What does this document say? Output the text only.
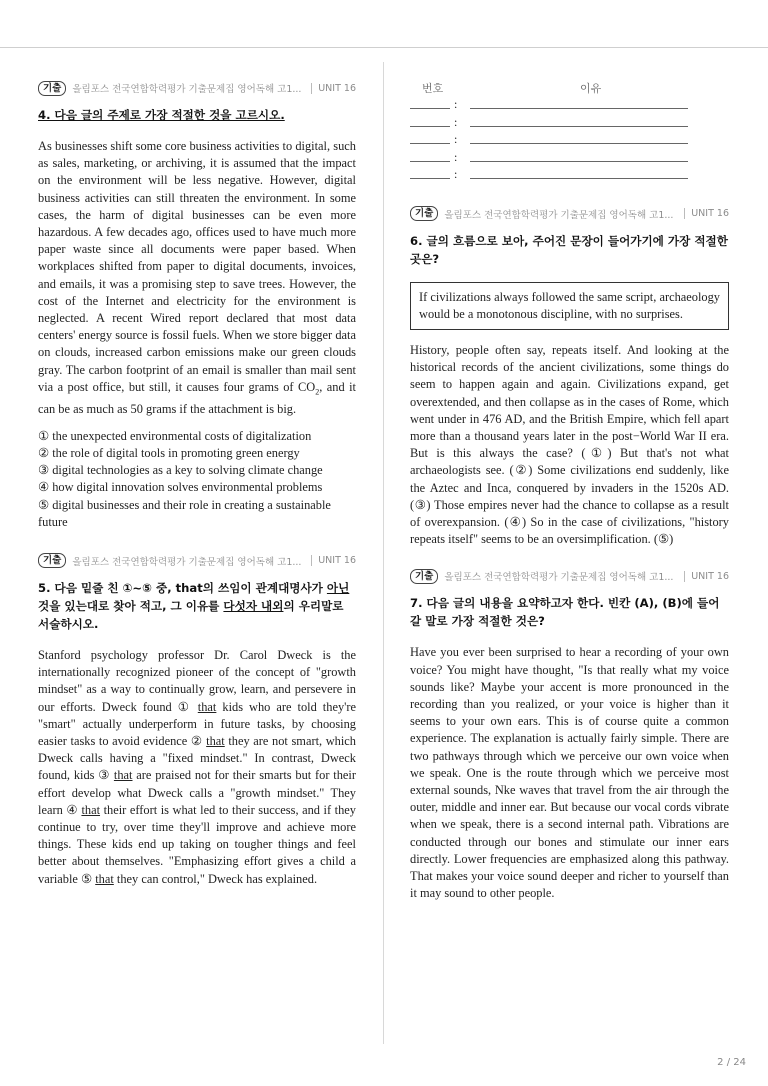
기출	올림포스 전국연합학력평가 기출문제집 영어독해 고1...	UNIT 16
4. 다음 글의 주제로 가장 적절한 것을 고르시오.

As businesses shift some core business activities to digital, such as sales, marketing, or archiving, it is assumed that the impact on the environment will be less negative. However, digital business activities can still threaten the environment. In some cases, the harm of digital businesses can be even more hazardous. A few decades ago, offices used to have much more paper waste since all documents were paper based. When workplaces shifted from paper to digital documents, invoices, and emails, it was a promising step to save trees. However, the cost of the Internet and electricity for the environment is neglected. A recent Wired report declared that most data centers' energy source is fossil fuels. When we store bigger data on clouds, increased carbon emissions make our green clouds gray. The carbon footprint of an email is smaller than mail sent via a post office, but still, it causes four grams of $CO_2$, and it can be as much as 50 grams if the attachment is big.

① the unexpected environmental costs of digitalization
② the role of digital tools in promoting green energy
③ digital technologies as a key to solving climate change
④ how digital innovation solves environmental problems
⑤ digital businesses and their role in creating a sustainable future
기출	올림포스 전국연합학력평가 기출문제집 영어독해 고1...	UNIT 16
5. 다음 밑줄 친 ①~⑤ 중, that의 쓰임이 관계대명사가 아닌 것을 있는대로 찾아 적고, 그 이유를 다섯자 내외의 우리말로 서술하시오.

Stanford psychology professor Dr. Carol Dweck is the internationally recognized pioneer of the concept of "growth mindset" as a way to continually grow, learn, and persevere in our efforts. Dweck found ① that kids who are told they're "smart" actually underperform in future tasks, by choosing easier tasks to avoid evidence ② that they are not smart, which Dweck calls having a "fixed mindset." In contrast, Dweck found, kids ③ that are praised not for their smarts but for their effort develop what Dweck calls a "growth mindset." They learn ④ that their effort is what led to their success, and if they continue to try, over time they'll improve and achieve more things. These kids end up taking on tougher things and feel better about themselves. "Emphasizing effort gives a child a variable ⑤ that they can control," Dweck has explained.

번호	이유
:
:
:
:
:
기출	올림포스 전국연합학력평가 기출문제집 영어독해 고1...	UNIT 16
6. 글의 흐름으로 보아, 주어진 문장이 들어가기에 가장 적절한 곳은?
If civilizations always followed the same script, archaeology would be a monotonous discipline, with no surprises.

History, people often say, repeats itself. And looking at the historical records of the ancient civilizations, some things do seem to happen again and again. Civilizations expand, get overextended, and then collapse as in the cases of Rome, which went under in 476 AD, and the British Empire, which fell apart more than a thousand years later in the post−World War II era. But is this always the case? (①) But that's not what archaeologists see. (②) Some civilizations end suddenly, like the Aztec and Inca, conquered by invaders in the 1520s AD. (③) Those empires never had the chance to collapse as a result of overexpansion. (④) So in the case of civilizations, "history repeats itself" seems to be an oversimplification. (⑤)

기출	올림포스 전국연합학력평가 기출문제집 영어독해 고1...	UNIT 16
7. 다음 글의 내용을 요약하고자 한다. 빈칸 (A), (B)에 들어갈 말로 가장 적절한 것은?

Have you ever been surprised to hear a recording of your own voice? You might have thought, "Is that really what my voice sounds like? Maybe your accent is more pronounced in the recording than you realized, or your voice is higher than it seems to your own ears. This is of course quite a common experience. The explanation is actually fairly simple. There are two pathways through which we perceive our own voice when we speak. One is the route through which we perceive most external sounds, Nke waves that travel from the air through the outer, middle and inner ear. But because our vocal cords vibrate when we speak, there is a second internal path. Vibrations are conducted through our bones and stimulate our inner ears directly. Lower frequencies are emphasized along this pathway. That makes your voice sound deeper and richer to yourself than it may sound to other people.

2 / 24
